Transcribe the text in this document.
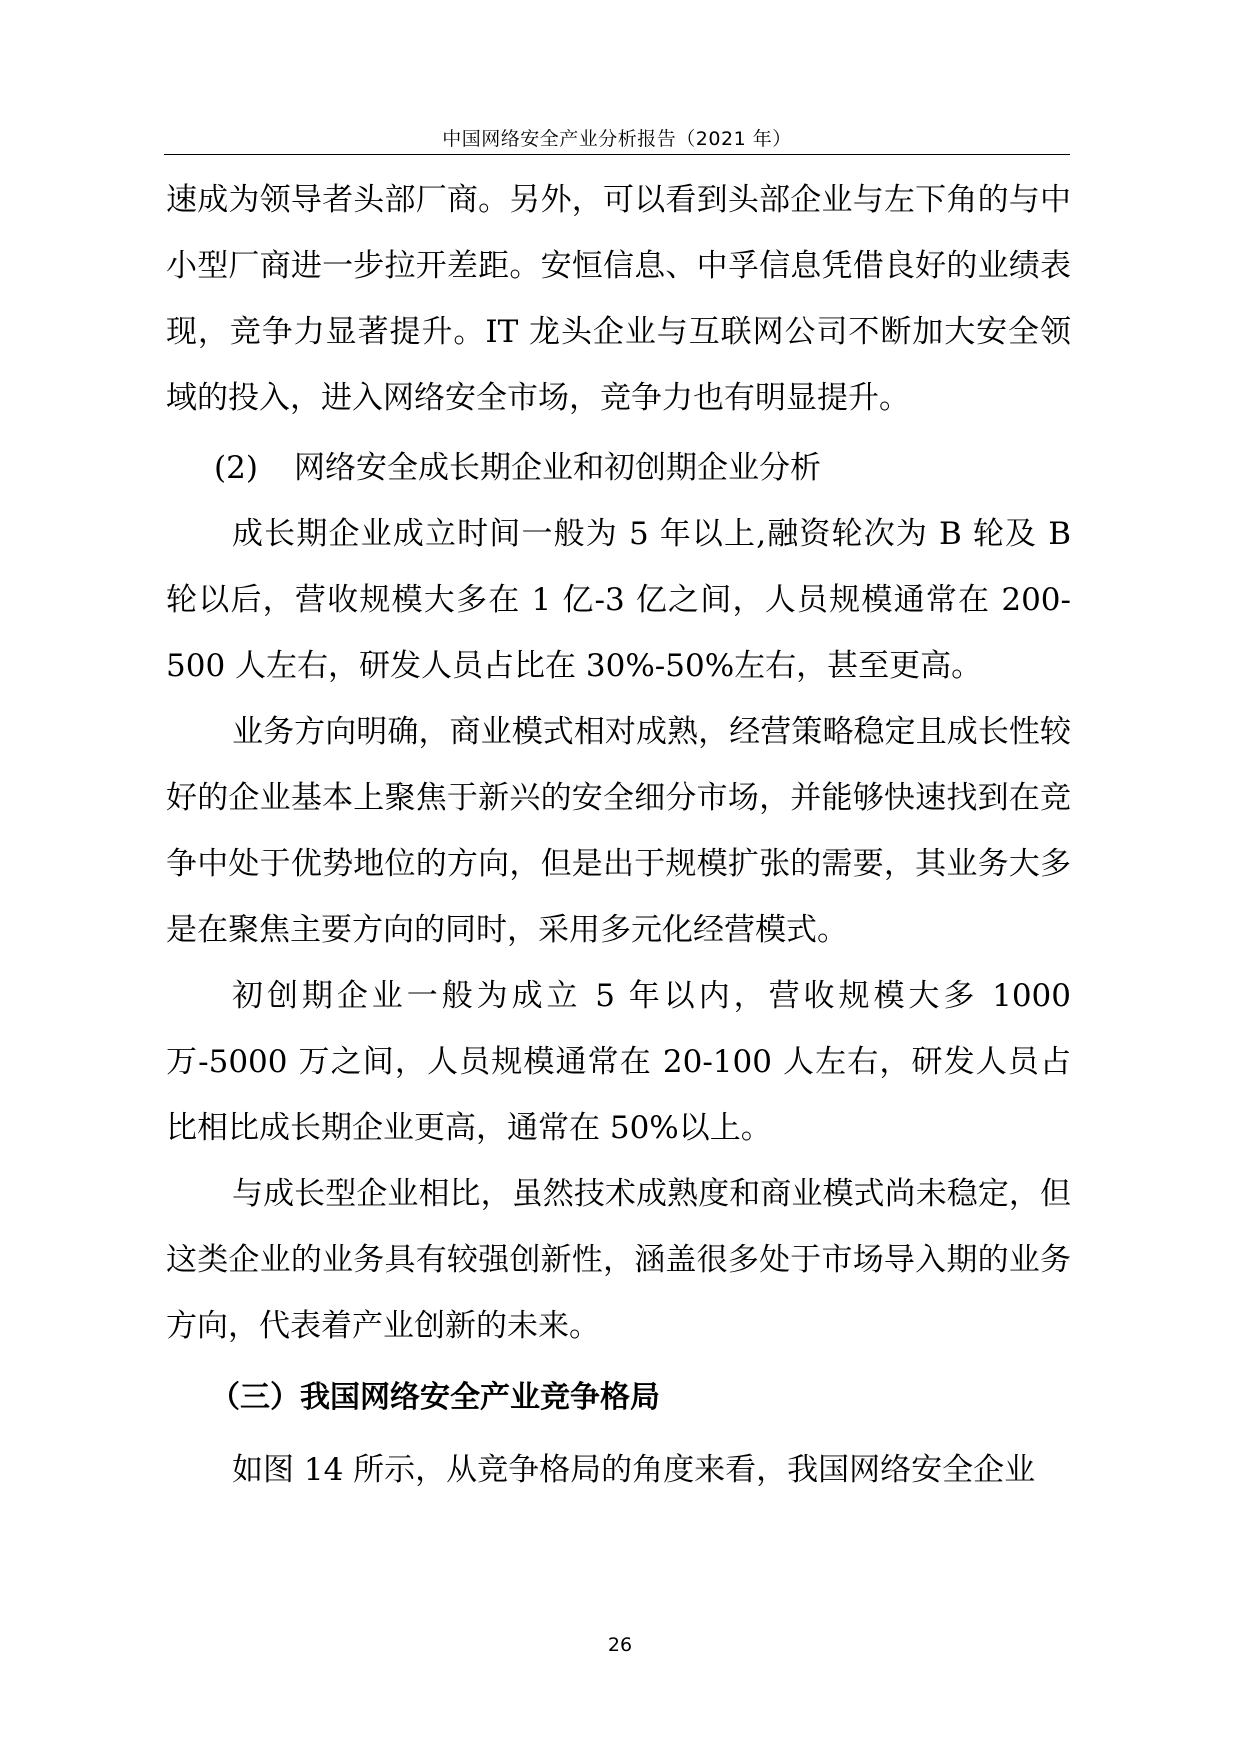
中国网络安全产业分析报告（2021 年）

速成为领导者头部厂商。另外，可以看到头部企业与左下角的与中小型厂商进一步拉开差距。安恒信息、中孚信息凭借良好的业绩表现，竞争力显著提升。IT 龙头企业与互联网公司不断加大安全领域的投入，进入网络安全市场，竞争力也有明显提升。

(2) 网络安全成长期企业和初创期企业分析

成长期企业成立时间一般为 5 年以上,融资轮次为 B 轮及 B 轮以后，营收规模大多在 1 亿-3 亿之间，人员规模通常在 200-500 人左右，研发人员占比在 30%-50%左右，甚至更高。

业务方向明确，商业模式相对成熟，经营策略稳定且成长性较好的企业基本上聚焦于新兴的安全细分市场，并能够快速找到在竞争中处于优势地位的方向，但是出于规模扩张的需要，其业务大多是在聚焦主要方向的同时，采用多元化经营模式。

初创期企业一般为成立 5 年以内，营收规模大多 1000 万-5000 万之间，人员规模通常在 20-100 人左右，研发人员占比相比成长期企业更高，通常在 50%以上。

与成长型企业相比，虽然技术成熟度和商业模式尚未稳定，但这类企业的业务具有较强创新性，涵盖很多处于市场导入期的业务方向，代表着产业创新的未来。

（三）我国网络安全产业竞争格局

如图 14 所示，从竞争格局的角度来看，我国网络安全企业

26
